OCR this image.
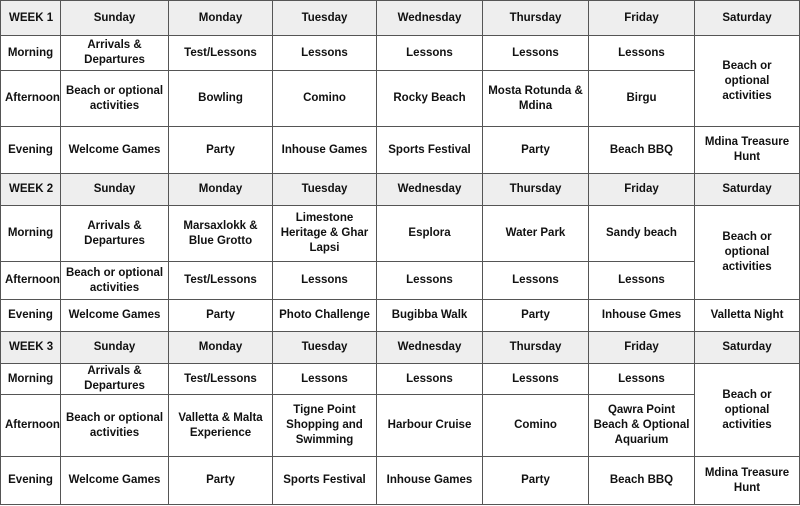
WEEK 1	Sunday	Monday	Tuesday	Wednesday	Thursday	Friday	Saturday
Morning	Arrivals & Departures	Test/Lessons	Lessons	Lessons	Lessons	Lessons	Beach or optional activities
Afternoon	Beach or optional activities	Bowling	Comino	Rocky Beach	Mosta Rotunda & Mdina	Birgu	
Evening	Welcome Games	Party	Inhouse Games	Sports Festival	Party	Beach BBQ	Mdina Treasure Hunt
WEEK 2	Sunday	Monday	Tuesday	Wednesday	Thursday	Friday	Saturday
Morning	Arrivals & Departures	Marsaxlokk & Blue Grotto	Limestone Heritage & Ghar Lapsi	Esplora	Water Park	Sandy beach	Beach or optional activities
Afternoon	Beach or optional activities	Test/Lessons	Lessons	Lessons	Lessons	Lessons	
Evening	Welcome Games	Party	Photo Challenge	Bugibba Walk	Party	Inhouse Gmes	Valletta Night
WEEK 3	Sunday	Monday	Tuesday	Wednesday	Thursday	Friday	Saturday
Morning	Arrivals & Departures	Test/Lessons	Lessons	Lessons	Lessons	Lessons	Beach or optional activities
Afternoon	Beach or optional activities	Valletta & Malta Experience	Tigne Point Shopping and Swimming	Harbour Cruise	Comino	Qawra Point Beach & Optional Aquarium	
Evening	Welcome Games	Party	Sports Festival	Inhouse Games	Party	Beach BBQ	Mdina Treasure Hunt
